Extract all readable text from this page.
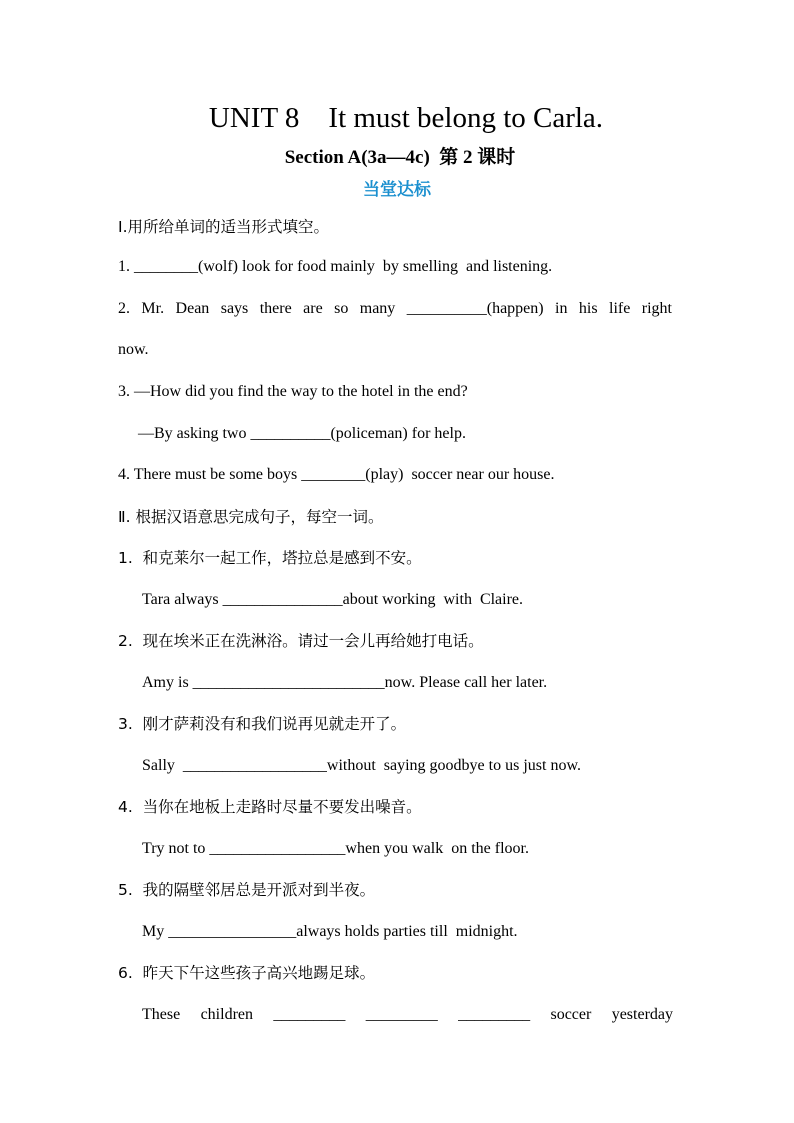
UNIT 8    It must belong to Carla.
Section A(3a—4c)  第 2 课时
当堂达标
Ⅰ.用所给单词的适当形式填空。
1. ________(wolf) look for food mainly  by smelling  and listening.
2. Mr. Dean says there are so many __________(happen) in his life right
now.
3. —How did you find the way to the hotel in the end?
—By asking two __________(policeman) for help.
4. There must be some boys ________(play)  soccer near our house.
Ⅱ. 根据汉语意思完成句子，每空一词。
1.  和克莱尔一起工作，塔拉总是感到不安。
Tara always _______________about working  with  Claire.
2.  现在埃米正在洗淋浴。请过一会儿再给她打电话。
Amy is ________________________now. Please call her later.
3.  刚才萨莉没有和我们说再见就走开了。
Sally  __________________without  saying goodbye to us just now.
4.  当你在地板上走路时尽量不要发出噪音。
Try not to _________________when you walk  on the floor.
5.  我的隔壁邻居总是开派对到半夜。
My ________________always holds parties till  midnight.
6.  昨天下午这些孩子高兴地踢足球。
These children _________ _________ _________ soccer yesterday
